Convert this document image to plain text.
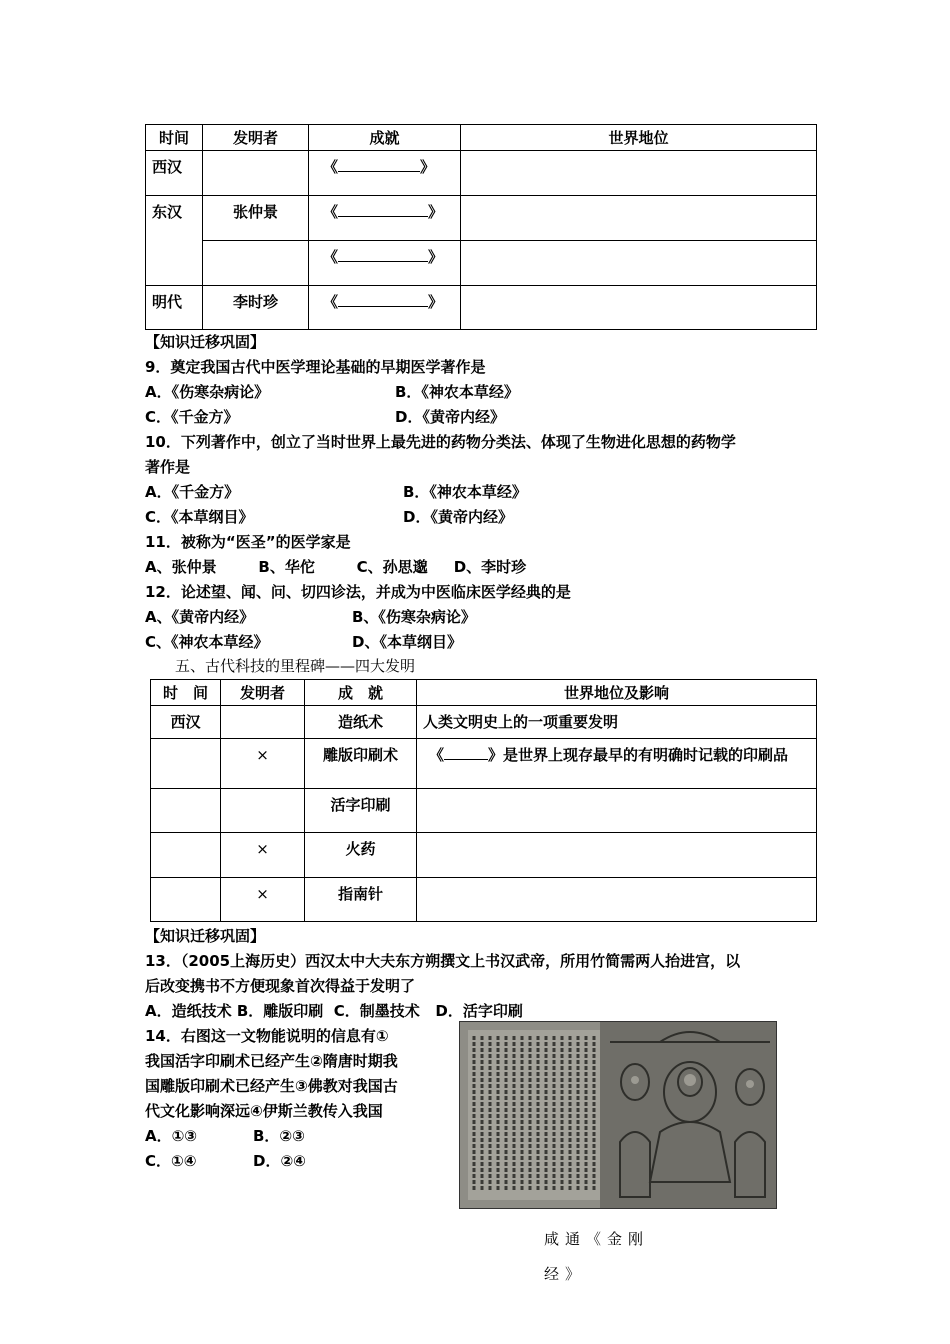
时间	发明者	成就	世界地位
西汉		《 》	
东汉	张仲景	《 》	
		《 》	
明代	李时珍	《 》	
【知识迁移巩固】
9．奠定我国古代中医学理论基础的早期医学著作是
A．《伤寒杂病论》	B．《神农本草经》
C．《千金方》	D．《黄帝内经》
10．下列著作中，创立了当时世界上最先进的药物分类法、体现了生物进化思想的药物学
著作是
A．《千金方》	B．《神农本草经》
C．《本草纲目》	D．《黄帝内经》
11．被称为“医圣”的医学家是
A、张仲景        B、华佗        C、孙思邈     D、李时珍
12．论述望、闻、问、切四诊法，并成为中医临床医学经典的是
A、《黄帝内经》	B、《伤寒杂病论》
C、《神农本草经》	D、《本草纲目》
五、古代科技的里程碑——四大发明
时　间	发明者	成　就	世界地位及影响
西汉		造纸术	人类文明史上的一项重要发明
	×	雕版印刷术	《 》是世界上现存最早的有明确时记载的印刷品
		活字印刷	
	×	火药	
	×	指南针	
【知识迁移巩固】
13．（2005上海历史）西汉太中大夫东方朔撰文上书汉武帝，所用竹简需两人抬进宫，以
后改变携书不方便现象首次得益于发明了
A．造纸技术 B．雕版印刷  C．制墨技术   D．活字印刷
14．右图这一文物能说明的信息有①
我国活字印刷术已经产生②隋唐时期我
国雕版印刷术已经产生③佛教对我国古
代文化影响深远④伊斯兰教传入我国
A．①③	B．②③
C．①④	D．②④
咸通《金刚
经》
